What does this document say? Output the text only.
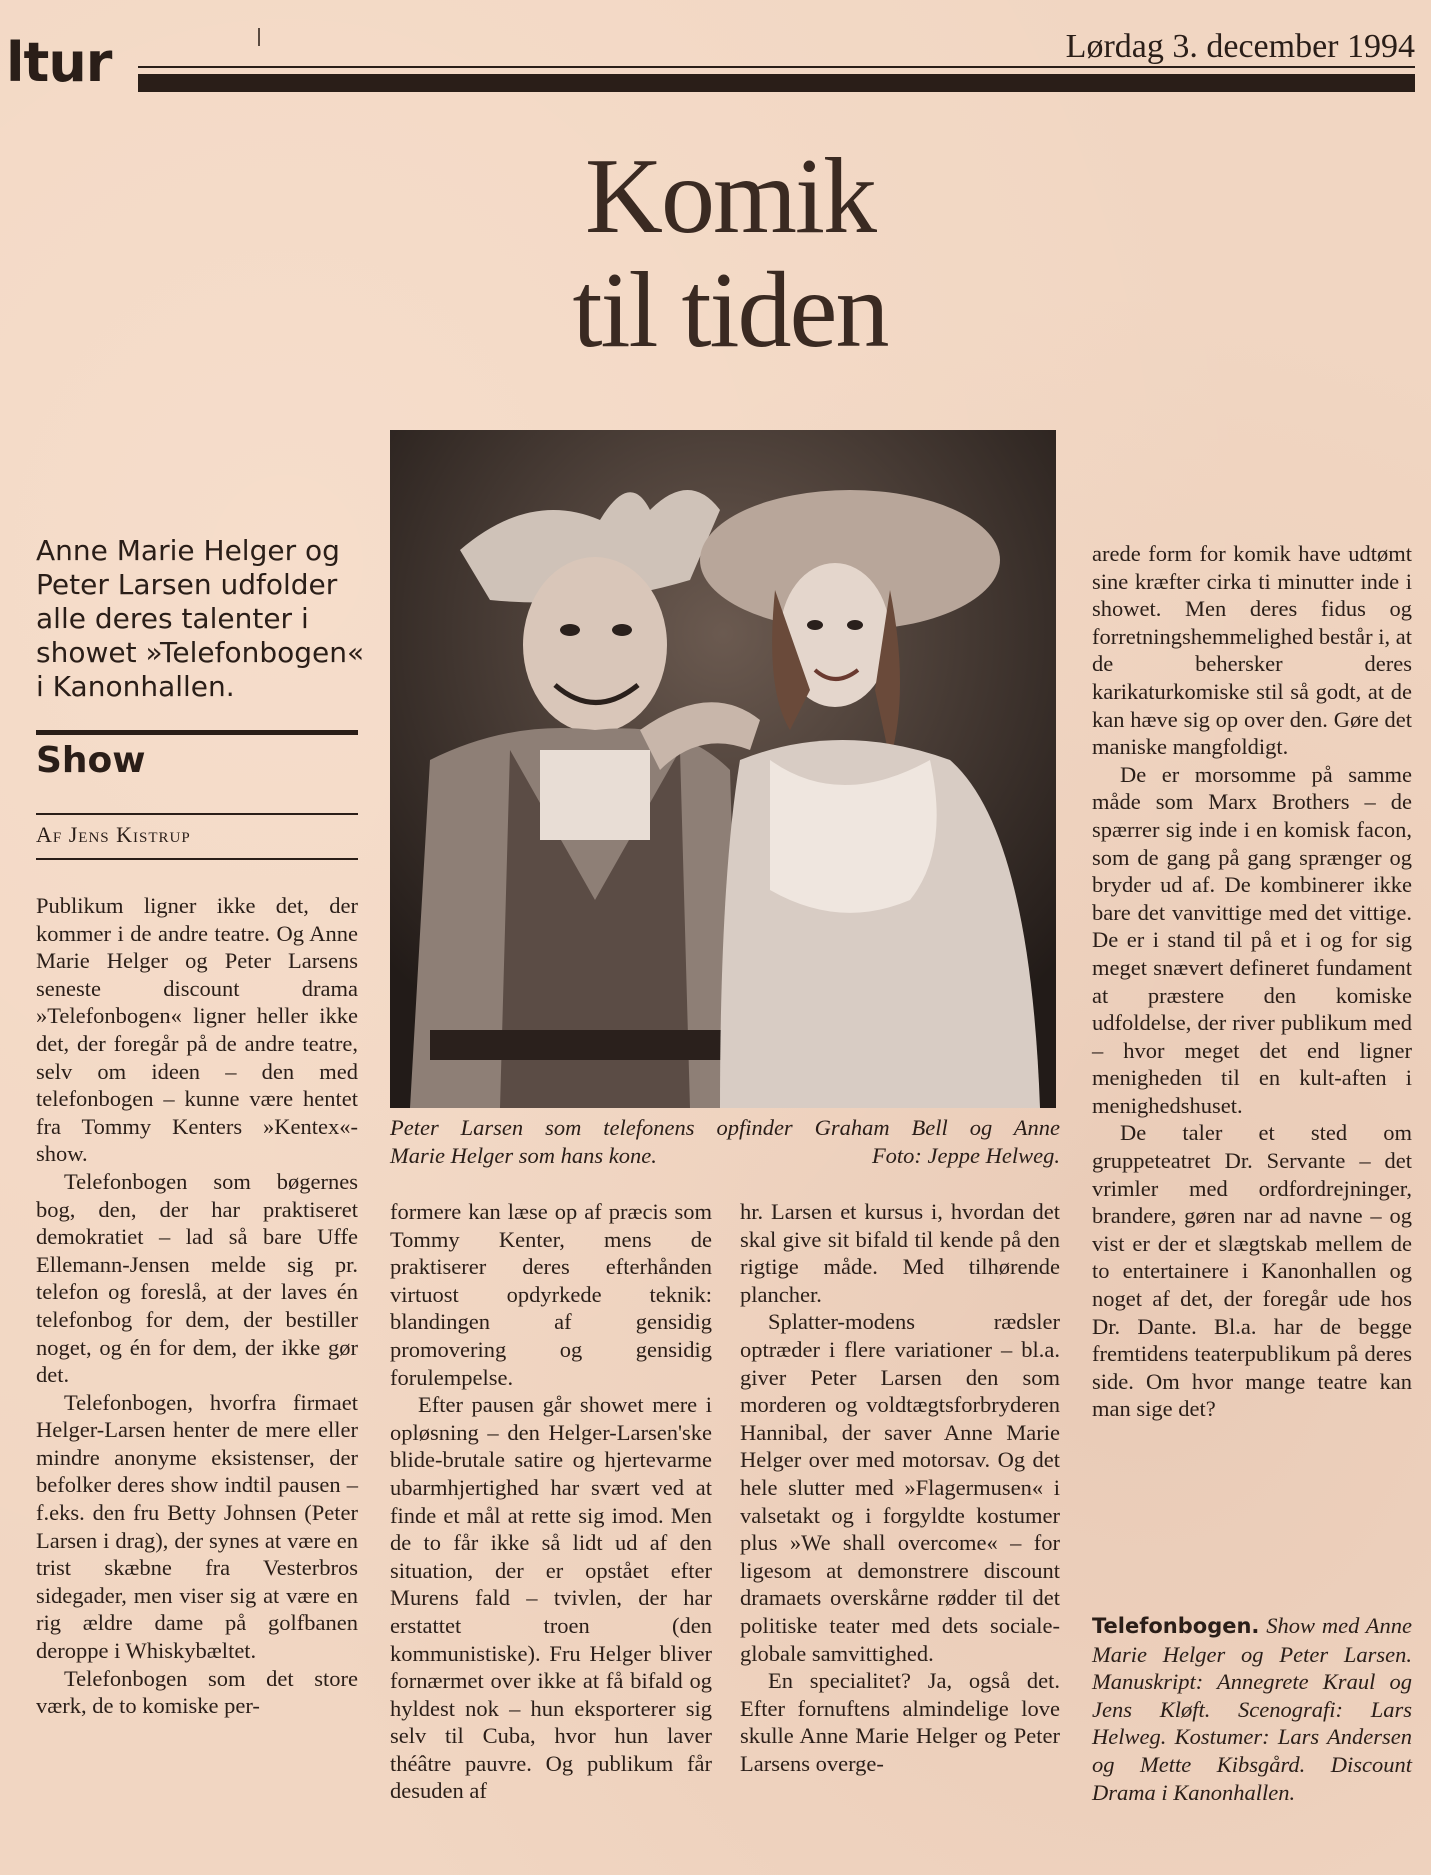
ltur	Lørdag 3. december 1994
Komik
til tiden
Peter Larsen som telefonens opfinder Graham Bell og Anne
Marie Helger som hans kone.	Foto: Jeppe Helweg.
Anne Marie Helger og Peter Larsen udfolder alle deres talenter i showet »Telefonbogen« i Kanonhallen.
Show
Af Jens Kistrup

Publikum ligner ikke det, der kommer i de andre teatre. Og Anne Marie Helger og Peter Larsens seneste discount drama »Telefonbogen« ligner heller ikke det, der foregår på de andre teatre, selv om ideen – den med telefonbogen – kunne være hentet fra Tommy Kenters »Kentex«-show.

Telefonbogen som bøgernes bog, den, der har praktiseret demokratiet – lad så bare Uffe Ellemann-Jensen melde sig pr. telefon og foreslå, at der laves én telefonbog for dem, der bestiller noget, og én for dem, der ikke gør det.

Telefonbogen, hvorfra firmaet Helger-Larsen henter de mere eller mindre anonyme eksistenser, der befolker deres show indtil pausen – f.eks. den fru Betty Johnsen (Peter Larsen i drag), der synes at være en trist skæbne fra Vesterbros sidegader, men viser sig at være en rig ældre dame på golfbanen deroppe i Whiskybæltet.

Telefonbogen som det store værk, de to komiske per-

formere kan læse op af præcis som Tommy Kenter, mens de praktiserer deres efterhånden virtuost opdyrkede teknik: blandingen af gensidig promovering og gensidig forulempelse.

Efter pausen går showet mere i opløsning – den Helger-Larsen'ske blide-brutale satire og hjertevarme ubarmhjertighed har svært ved at finde et mål at rette sig imod. Men de to får ikke så lidt ud af den situation, der er opstået efter Murens fald – tvivlen, der har erstattet troen (den kommunistiske). Fru Helger bliver fornærmet over ikke at få bifald og hyldest nok – hun eksporterer sig selv til Cuba, hvor hun laver théâtre pauvre. Og publikum får desuden af

hr. Larsen et kursus i, hvordan det skal give sit bifald til kende på den rigtige måde. Med tilhørende plancher.

Splatter-modens rædsler optræder i flere variationer – bl.a. giver Peter Larsen den som morderen og voldtægtsforbryderen Hannibal, der saver Anne Marie Helger over med motorsav. Og det hele slutter med »Flagermusen« i valsetakt og i forgyldte kostumer plus »We shall overcome« – for ligesom at demonstrere discount dramaets overskårne rødder til det politiske teater med dets sociale-globale samvittighed.

En specialitet? Ja, også det. Efter fornuftens almindelige love skulle Anne Marie Helger og Peter Larsens overge-

arede form for komik have udtømt sine kræfter cirka ti minutter inde i showet. Men deres fidus og forretningshemmelighed består i, at de behersker deres karikaturkomiske stil så godt, at de kan hæve sig op over den. Gøre det maniske mangfoldigt.

De er morsomme på samme måde som Marx Brothers – de spærrer sig inde i en komisk facon, som de gang på gang sprænger og bryder ud af. De kombinerer ikke bare det vanvittige med det vittige. De er i stand til på et i og for sig meget snævert defineret fundament at præstere den komiske udfoldelse, der river publikum med – hvor meget det end ligner menigheden til en kult-aften i menighedshuset.

De taler et sted om gruppeteatret Dr. Servante – det vrimler med ordfordrejninger, brandere, gøren nar ad navne – og vist er der et slægtskab mellem de to entertainere i Kanonhallen og noget af det, der foregår ude hos Dr. Dante. Bl.a. har de begge fremtidens teaterpublikum på deres side. Om hvor mange teatre kan man sige det?

Telefonbogen. Show med Anne Marie Helger og Peter Larsen. Manuskript: Annegrete Kraul og Jens Kløft. Scenografi: Lars Helweg. Kostumer: Lars Andersen og Mette Kibsgård. Discount Drama i Kanonhallen.
